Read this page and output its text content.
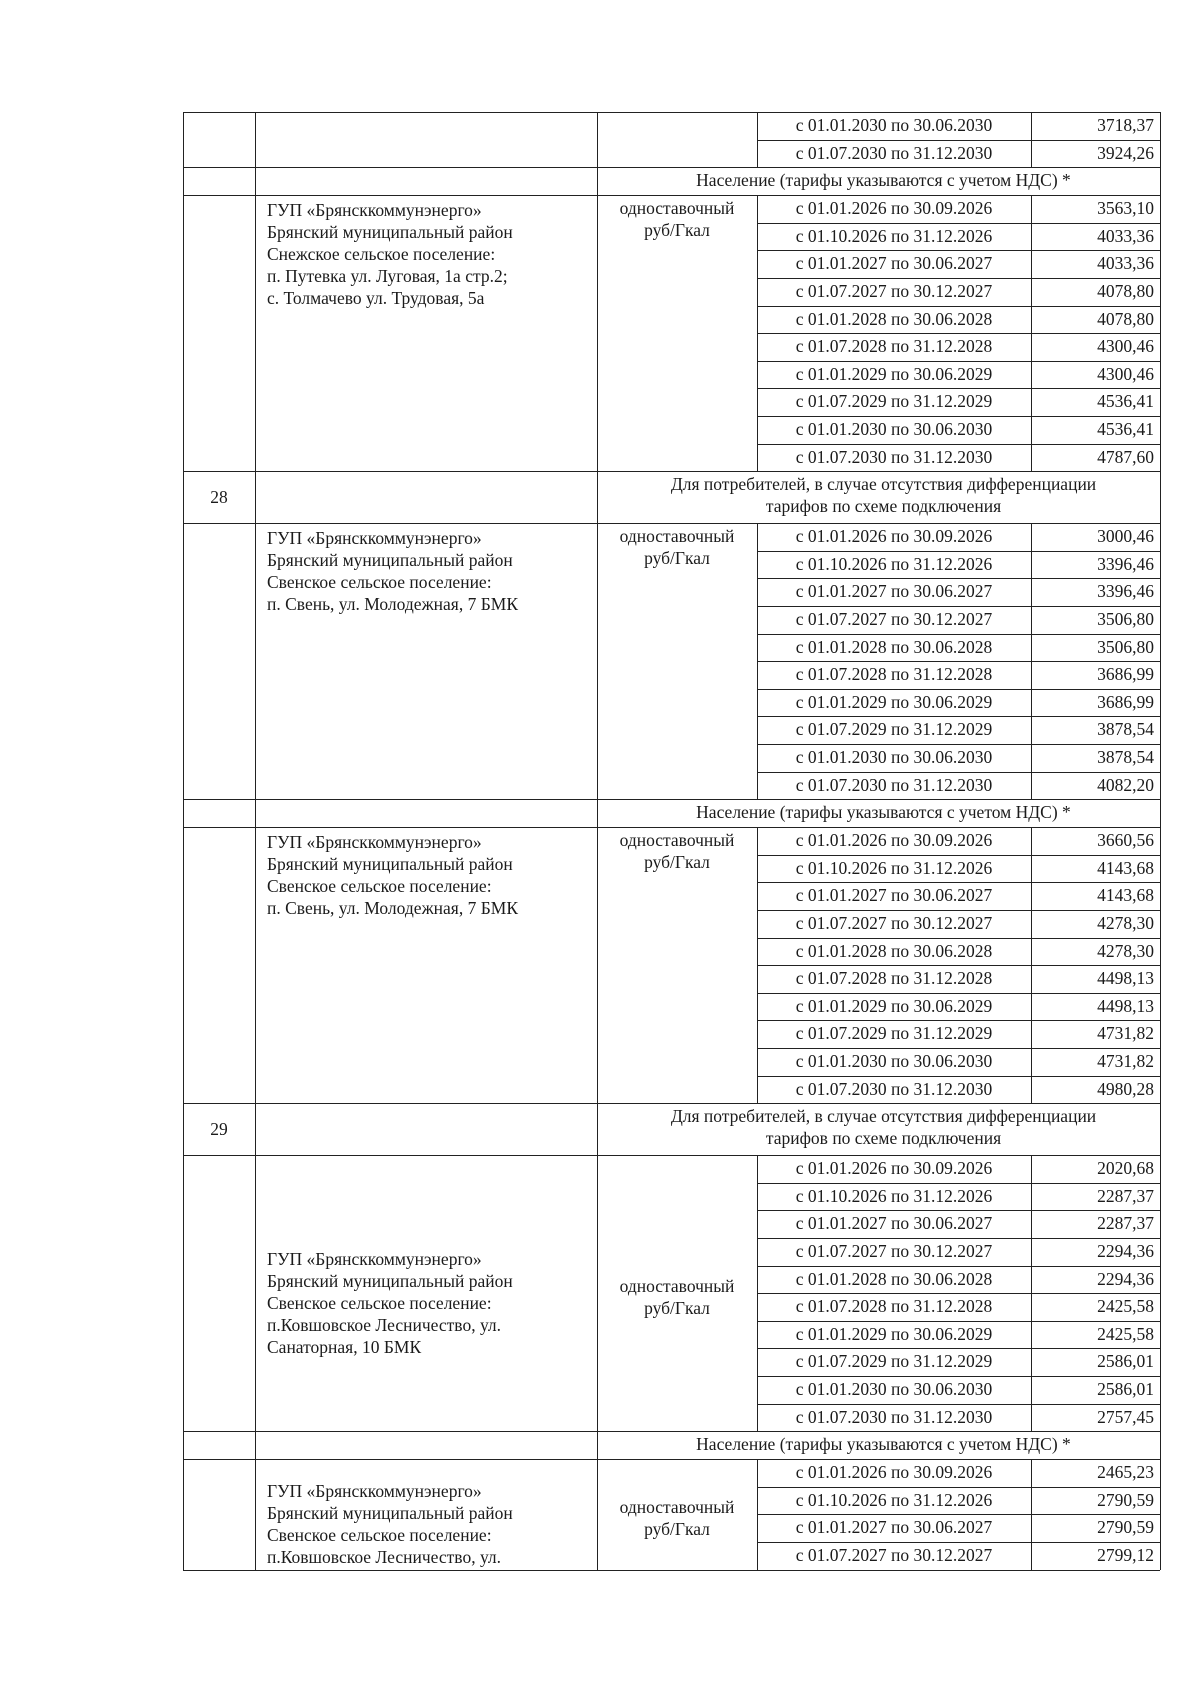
с 01.01.2030 по 30.06.2030	3718,37
с 01.07.2030 по 31.12.2030	3924,26
Население (тарифы указываются с учетом НДС) *
ГУП «Брянсккоммунэнерго»
Брянский муниципальный район
Снежское сельское поселение:
п. Путевка ул. Луговая, 1а стр.2;
с. Толмачево ул. Трудовая, 5а
одноставочный
руб/Гкал
с 01.01.2026 по 30.09.2026	3563,10
с 01.10.2026 по 31.12.2026	4033,36
с 01.01.2027 по 30.06.2027	4033,36
с 01.07.2027 по 30.12.2027	4078,80
с 01.01.2028 по 30.06.2028	4078,80
с 01.07.2028 по 31.12.2028	4300,46
с 01.01.2029 по 30.06.2029	4300,46
с 01.07.2029 по 31.12.2029	4536,41
с 01.01.2030 по 30.06.2030	4536,41
с 01.07.2030 по 31.12.2030	4787,60
28
Для потребителей, в случае отсутствия дифференциации
тарифов по схеме подключения
ГУП «Брянсккоммунэнерго»
Брянский муниципальный район
Свенское сельское поселение:
п. Свень, ул. Молодежная, 7 БМК
одноставочный
руб/Гкал
с 01.01.2026 по 30.09.2026	3000,46
с 01.10.2026 по 31.12.2026	3396,46
с 01.01.2027 по 30.06.2027	3396,46
с 01.07.2027 по 30.12.2027	3506,80
с 01.01.2028 по 30.06.2028	3506,80
с 01.07.2028 по 31.12.2028	3686,99
с 01.01.2029 по 30.06.2029	3686,99
с 01.07.2029 по 31.12.2029	3878,54
с 01.01.2030 по 30.06.2030	3878,54
с 01.07.2030 по 31.12.2030	4082,20
Население (тарифы указываются с учетом НДС) *
ГУП «Брянсккоммунэнерго»
Брянский муниципальный район
Свенское сельское поселение:
п. Свень, ул. Молодежная, 7 БМК
одноставочный
руб/Гкал
с 01.01.2026 по 30.09.2026	3660,56
с 01.10.2026 по 31.12.2026	4143,68
с 01.01.2027 по 30.06.2027	4143,68
с 01.07.2027 по 30.12.2027	4278,30
с 01.01.2028 по 30.06.2028	4278,30
с 01.07.2028 по 31.12.2028	4498,13
с 01.01.2029 по 30.06.2029	4498,13
с 01.07.2029 по 31.12.2029	4731,82
с 01.01.2030 по 30.06.2030	4731,82
с 01.07.2030 по 31.12.2030	4980,28
29
Для потребителей, в случае отсутствия дифференциации
тарифов по схеме подключения
ГУП «Брянсккоммунэнерго»
Брянский муниципальный район
Свенское сельское поселение:
п.Ковшовское Лесничество, ул.
Санаторная, 10 БМК
одноставочный
руб/Гкал
с 01.01.2026 по 30.09.2026	2020,68
с 01.10.2026 по 31.12.2026	2287,37
с 01.01.2027 по 30.06.2027	2287,37
с 01.07.2027 по 30.12.2027	2294,36
с 01.01.2028 по 30.06.2028	2294,36
с 01.07.2028 по 31.12.2028	2425,58
с 01.01.2029 по 30.06.2029	2425,58
с 01.07.2029 по 31.12.2029	2586,01
с 01.01.2030 по 30.06.2030	2586,01
с 01.07.2030 по 31.12.2030	2757,45
Население (тарифы указываются с учетом НДС) *
ГУП «Брянсккоммунэнерго»
Брянский муниципальный район
Свенское сельское поселение:
п.Ковшовское Лесничество, ул.
одноставочный
руб/Гкал
с 01.01.2026 по 30.09.2026	2465,23
с 01.10.2026 по 31.12.2026	2790,59
с 01.01.2027 по 30.06.2027	2790,59
с 01.07.2027 по 30.12.2027	2799,12
